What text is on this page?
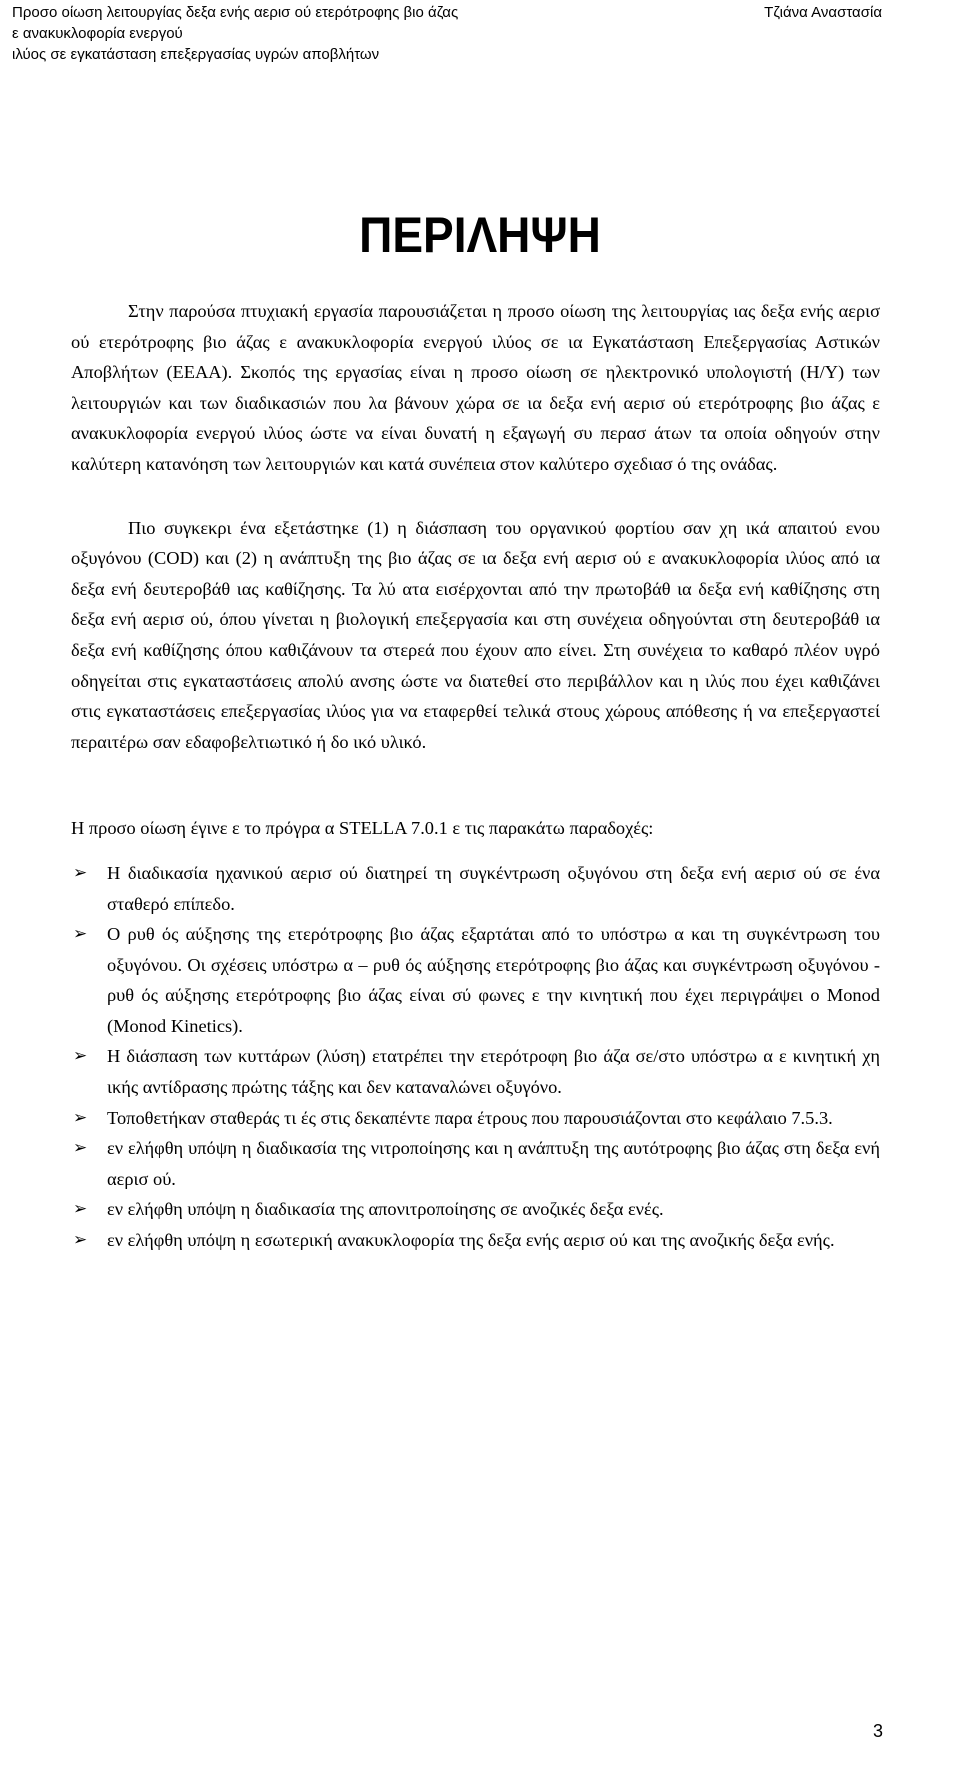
Προσο οίωση λειτουργίας δεξα ενής αερισ ού ετερότροφης βιο άζας
ε ανακυκλοφορία ενεργού
ιλύος σε εγκατάσταση επεξεργασίας υγρών αποβλήτων
Τζιάνα Αναστασία
ΠΕΡΙΛΗΨΗ

Στην παρούσα πτυχιακή εργασία παρουσιάζεται η προσο οίωση της λειτουργίας ιας δεξα ενής αερισ ού ετερότροφης βιο άζας ε ανακυκλοφορία ενεργού ιλύος σε ια Εγκατάσταση Επεξεργασίας Αστικών Αποβλήτων (ΕΕΑΑ). Σκοπός της εργασίας είναι η προσο οίωση σε ηλεκτρονικό υπολογιστή (Η/Υ) των λειτουργιών και των διαδικασιών που λα βάνουν χώρα σε ια δεξα ενή αερισ ού ετερότροφης βιο άζας ε ανακυκλοφορία ενεργού ιλύος ώστε να είναι δυνατή η εξαγωγή συ περασ άτων τα οποία οδηγούν στην καλύτερη κατανόηση των λειτουργιών και κατά συνέπεια στον καλύτερο σχεδιασ ό της ονάδας.

Πιο συγκεκρι ένα εξετάστηκε (1) η διάσπαση του οργανικού φορτίου σαν χη ικά απαιτού ενου οξυγόνου (COD) και (2) η ανάπτυξη της βιο άζας σε ια δεξα ενή αερισ ού ε ανακυκλοφορία ιλύος από ια δεξα ενή δευτεροβάθ ιας καθίζησης. Τα λύ ατα εισέρχονται από την πρωτοβάθ ια δεξα ενή καθίζησης στη δεξα ενή αερισ ού, όπου γίνεται η βιολογική επεξεργασία και στη συνέχεια οδηγούνται στη δευτεροβάθ ια δεξα ενή καθίζησης όπου καθιζάνουν τα στερεά που έχουν απο είνει. Στη συνέχεια το καθαρό πλέον υγρό οδηγείται στις εγκαταστάσεις απολύ ανσης ώστε να διατεθεί στο περιβάλλον και η ιλύς που έχει καθιζάνει στις εγκαταστάσεις επεξεργασίας ιλύος για να εταφερθεί τελικά στους χώρους απόθεσης ή να επεξεργαστεί περαιτέρω σαν εδαφοβελτιωτικό ή δο ικό υλικό.

Η προσο οίωση έγινε ε το πρόγρα α STELLA 7.0.1 ε τις παρακάτω παραδοχές:

➢ Η διαδικασία ηχανικού αερισ ού διατηρεί τη συγκέντρωση οξυγόνου στη δεξα ενή αερισ ού σε ένα σταθερό επίπεδο.
➢ Ο ρυθ ός αύξησης της ετερότροφης βιο άζας εξαρτάται από το υπόστρω α και τη συγκέντρωση του οξυγόνου. Οι σχέσεις υπόστρω α – ρυθ ός αύξησης ετερότροφης βιο άζας και συγκέντρωση οξυγόνου - ρυθ ός αύξησης ετερότροφης βιο άζας είναι σύ φωνες ε την κινητική που έχει περιγράψει ο Monod (Monod Kinetics).
➢ Η διάσπαση των κυττάρων (λύση) ετατρέπει την ετερότροφη βιο άζα σε/στο υπόστρω α ε κινητική χη ικής αντίδρασης πρώτης τάξης και δεν καταναλώνει οξυγόνο.
➢ Τοποθετήκαν σταθεράς τι ές στις δεκαπέντε παρα έτρους που παρουσιάζονται στο κεφάλαιο 7.5.3.
➢ εν ελήφθη υπόψη η διαδικασία της νιτροποίησης και η ανάπτυξη της αυτότροφης βιο άζας στη δεξα ενή αερισ ού.
➢ εν ελήφθη υπόψη η διαδικασία της απονιτροποίησης σε ανοζικές δεξα ενές.
➢ εν ελήφθη υπόψη η εσωτερική ανακυκλοφορία της δεξα ενής αερισ ού και της ανοζικής δεξα ενής.
3
